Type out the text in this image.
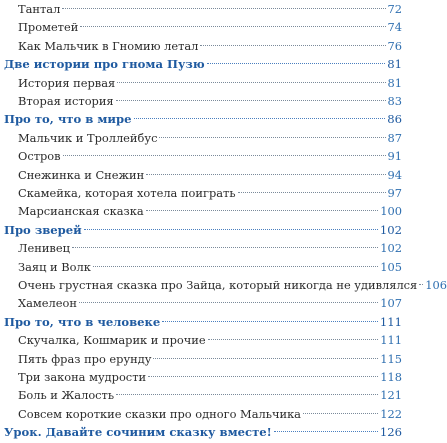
Тантал	72
Прометей	74
Как Мальчик в Гномию летал	76
Две истории про гнома Пузю	81
История первая	81
Вторая история	83
Про то, что в мире	86
Мальчик и Троллейбус	87
Остров	91
Снежинка и Снежин	94
Скамейка, которая хотела поиграть	97
Марсианская сказка	100
Про зверей	102
Ленивец	102
Заяц и Волк	105
Очень грустная сказка про Зайца, который никогда не удивлялся 106
Хамелеон	107
Про то, что в человеке	111
Скучалка, Кошмарик и прочие	111
Пять фраз про ерунду	115
Три закона мудрости	118
Боль и Жалость	121
Совсем короткие сказки про одного Мальчика	122
Урок. Давайте сочиним сказку вместе!	126
